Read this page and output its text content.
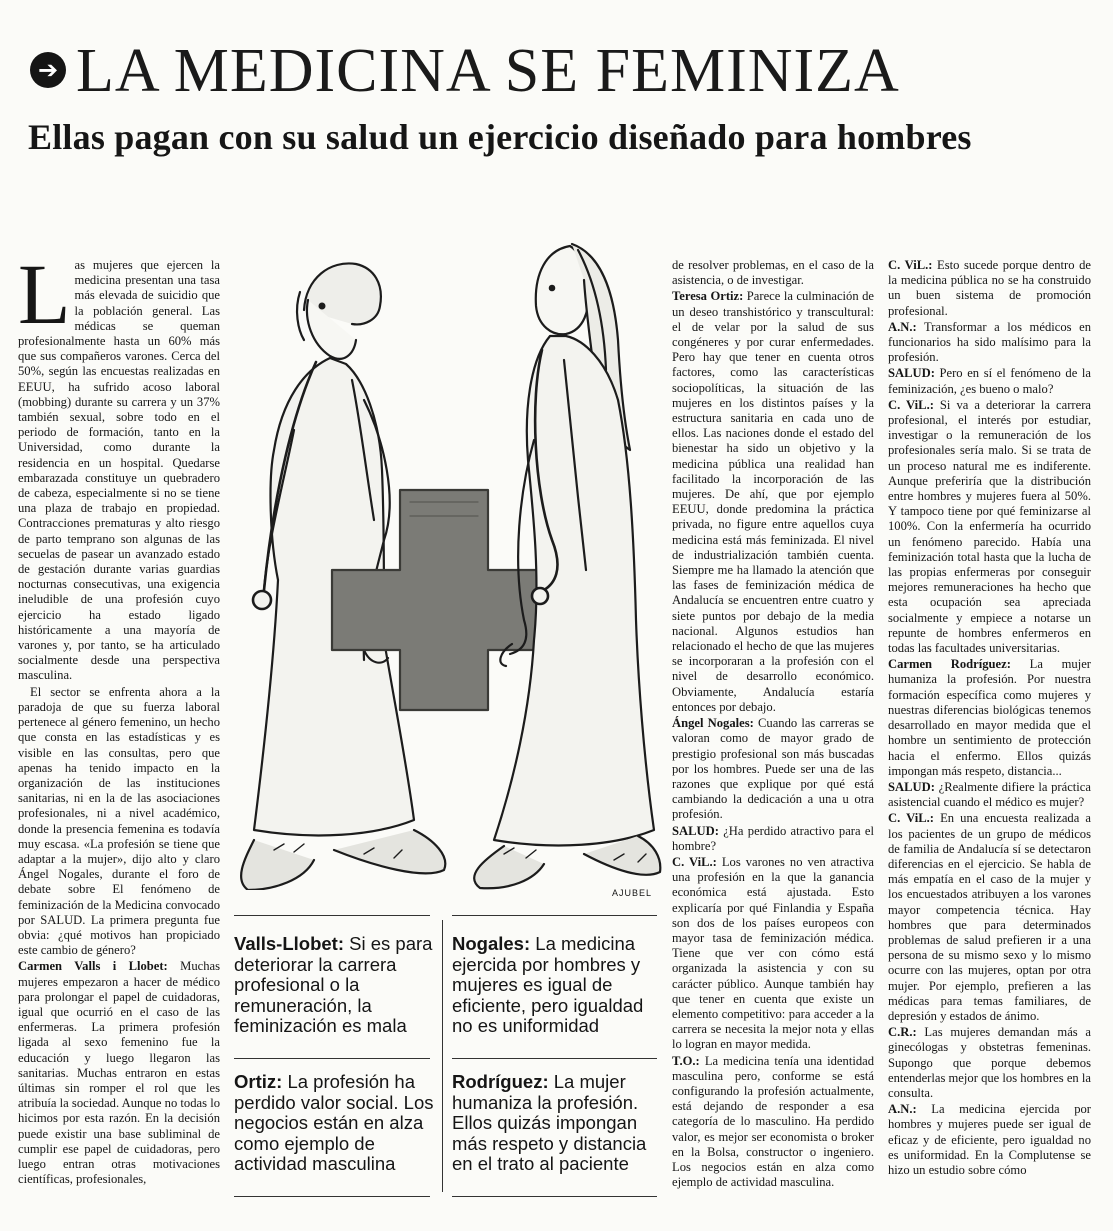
➔ LA MEDICINA SE FEMINIZA
Ellas pagan con su salud un ejercicio diseñado para hombres
L as mujeres que ejercen la medicina presentan una tasa más elevada de suicidio que la población general. Las médicas se queman profesionalmente hasta un 60% más que sus compañeros varones. Cerca del 50%, según las encuestas realizadas en EEUU, ha sufrido acoso laboral (mobbing) durante su carrera y un 37% también sexual, sobre todo en el periodo de formación, tanto en la Universidad, como durante la residencia en un hospital. Quedarse embarazada constituye un quebradero de cabeza, especialmente si no se tiene una plaza de trabajo en propiedad. Contracciones prematuras y alto riesgo de parto temprano son algunas de las secuelas de pasear un avanzado estado de gestación durante varias guardias nocturnas consecutivas, una exigencia ineludible de una profesión cuyo ejercicio ha estado ligado históricamente a una mayoría de varones y, por tanto, se ha articulado socialmente desde una perspectiva masculina.

El sector se enfrenta ahora a la paradoja de que su fuerza laboral pertenece al género femenino, un hecho que consta en las estadísticas y es visible en las consultas, pero que apenas ha tenido impacto en la organización de las instituciones sanitarias, ni en la de las asociaciones profesionales, ni a nivel académico, donde la presencia femenina es todavía muy escasa. «La profesión se tiene que adaptar a la mujer», dijo alto y claro Ángel Nogales, durante el foro de debate sobre El fenómeno de feminización de la Medicina convocado por SALUD. La primera pregunta fue obvia: ¿qué motivos han propiciado este cambio de género?

Carmen Valls i Llobet: Muchas mujeres empezaron a hacer de médico para prolongar el papel de cuidadoras, igual que ocurrió en el caso de las enfermeras. La primera profesión ligada al sexo femenino fue la educación y luego llegaron las sanitarias. Muchas entraron en estas últimas sin romper el rol que les atribuía la sociedad. Aunque no todas lo hicimos por esta razón. En la decisión puede existir una base subliminal de cumplir ese papel de cuidadoras, pero luego entran otras motivaciones científicas, profesionales,

AJUBEL
Valls-Llobet: Si es para deteriorar la carrera profesional o la remuneración, la feminización es mala
Nogales: La medicina ejercida por hombres y mujeres es igual de eficiente, pero igualdad no es uniformidad
Ortiz: La profesión ha perdido valor social. Los negocios están en alza como ejemplo de actividad masculina
Rodríguez: La mujer humaniza la profesión. Ellos quizás impongan más respeto y distancia en el trato al paciente

de resolver problemas, en el caso de la asistencia, o de investigar.

Teresa Ortiz: Parece la culminación de un deseo transhistórico y transcultural: el de velar por la salud de sus congéneres y por curar enfermedades. Pero hay que tener en cuenta otros factores, como las características sociopolíticas, la situación de las mujeres en los distintos países y la estructura sanitaria en cada uno de ellos. Las naciones donde el estado del bienestar ha sido un objetivo y la medicina pública una realidad han facilitado la incorporación de las mujeres. De ahí, que por ejemplo EEUU, donde predomina la práctica privada, no figure entre aquellos cuya medicina está más feminizada. El nivel de industrialización también cuenta. Siempre me ha llamado la atención que las fases de feminización médica de Andalucía se encuentren entre cuatro y siete puntos por debajo de la media nacional. Algunos estudios han relacionado el hecho de que las mujeres se incorporaran a la profesión con el nivel de desarrollo económico. Obviamente, Andalucía estaría entonces por debajo.

Ángel Nogales: Cuando las carreras se valoran como de mayor grado de prestigio profesional son más buscadas por los hombres. Puede ser una de las razones que explique por qué está cambiando la dedicación a una u otra profesión.

SALUD: ¿Ha perdido atractivo para el hombre?

C. ViL.: Los varones no ven atractiva una profesión en la que la ganancia económica está ajustada. Esto explicaría por qué Finlandia y España son dos de los países europeos con mayor tasa de feminización médica. Tiene que ver con cómo está organizada la asistencia y con su carácter público. Aunque también hay que tener en cuenta que existe un elemento competitivo: para acceder a la carrera se necesita la mejor nota y ellas lo logran en mayor medida.

T.O.: La medicina tenía una identidad masculina pero, conforme se está configurando la profesión actualmente, está dejando de responder a esa categoría de lo masculino. Ha perdido valor, es mejor ser economista o broker en la Bolsa, constructor o ingeniero. Los negocios están en alza como ejemplo de actividad masculina.

C. ViL.: Esto sucede porque dentro de la medicina pública no se ha construido un buen sistema de promoción profesional.

A.N.: Transformar a los médicos en funcionarios ha sido malísimo para la profesión.

SALUD: Pero en sí el fenómeno de la feminización, ¿es bueno o malo?

C. ViL.: Si va a deteriorar la carrera profesional, el interés por estudiar, investigar o la remuneración de los profesionales sería malo. Si se trata de un proceso natural me es indiferente. Aunque preferiría que la distribución entre hombres y mujeres fuera al 50%. Y tampoco tiene por qué feminizarse al 100%. Con la enfermería ha ocurrido un fenómeno parecido. Había una feminización total hasta que la lucha de las propias enfermeras por conseguir mejores remuneraciones ha hecho que esta ocupación sea apreciada socialmente y empiece a notarse un repunte de hombres enfermeros en todas las facultades universitarias.

Carmen Rodríguez: La mujer humaniza la profesión. Por nuestra formación específica como mujeres y nuestras diferencias biológicas tenemos desarrollado en mayor medida que el hombre un sentimiento de protección hacia el enfermo. Ellos quizás impongan más respeto, distancia...

SALUD: ¿Realmente difiere la práctica asistencial cuando el médico es mujer?

C. ViL.: En una encuesta realizada a los pacientes de un grupo de médicos de familia de Andalucía sí se detectaron diferencias en el ejercicio. Se habla de más empatía en el caso de la mujer y los encuestados atribuyen a los varones mayor competencia técnica. Hay hombres que para determinados problemas de salud prefieren ir a una persona de su mismo sexo y lo mismo ocurre con las mujeres, optan por otra mujer. Por ejemplo, prefieren a las médicas para temas familiares, de depresión y estados de ánimo.

C.R.: Las mujeres demandan más a ginecólogas y obstetras femeninas. Supongo que porque debemos entenderlas mejor que los hombres en la consulta.

A.N.: La medicina ejercida por hombres y mujeres puede ser igual de eficaz y de eficiente, pero igualdad no es uniformidad. En la Complutense se hizo un estudio sobre cómo
